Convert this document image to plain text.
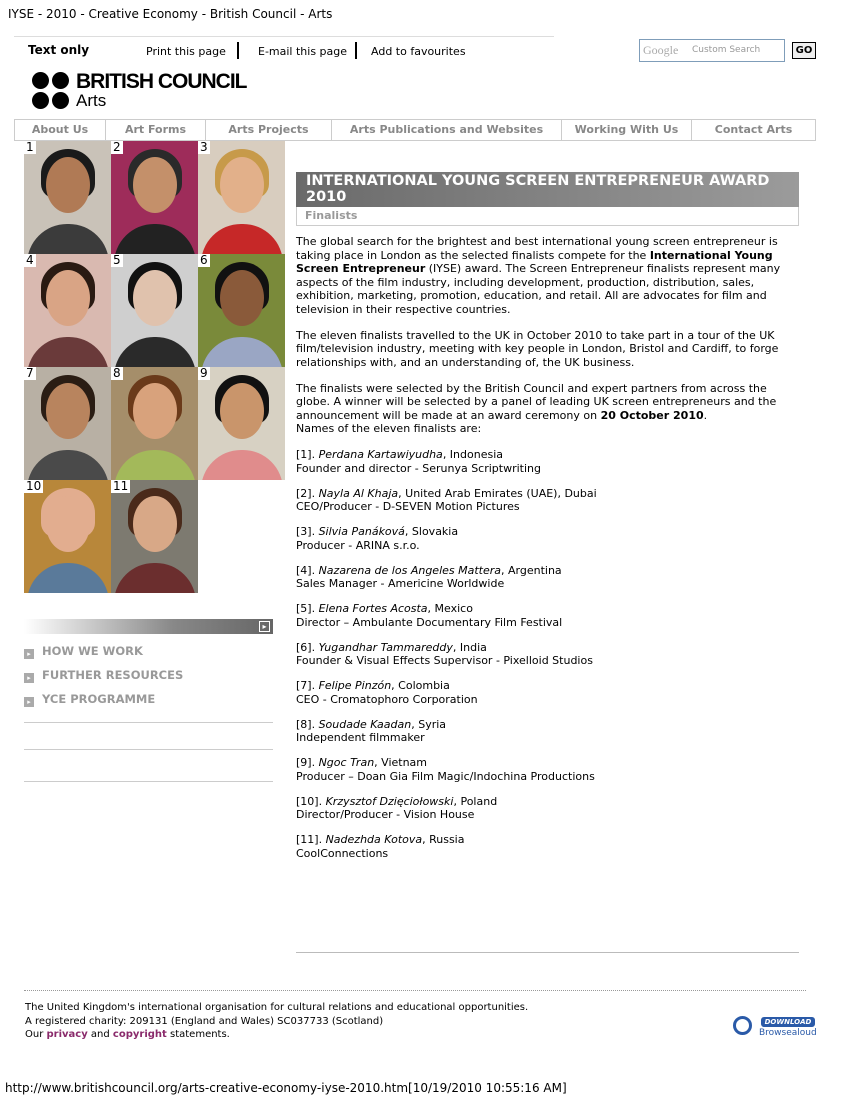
IYSE - 2010 - Creative Economy - British Council - Arts
Text only	Print this page	E-mail this page Add to favourites	Google Custom Search	GO
BRITISH COUNCIL
Arts
About Us	Art Forms	Arts Projects	Arts Publications and Websites	Working With Us	Contact Arts
1	2	3
4	5	6
7	8	9
10	11
▸
▸ HOW WE WORK
▸ FURTHER RESOURCES
▸ YCE PROGRAMME
INTERNATIONAL YOUNG SCREEN ENTREPRENEUR AWARD 2010
Finalists

The global search for the brightest and best international young screen entrepreneur is taking place in London as the selected finalists compete for the International Young Screen Entrepreneur (IYSE) award. The Screen Entrepreneur finalists represent many aspects of the film industry, including development, production, distribution, sales, exhibition, marketing, promotion, education, and retail. All are advocates for film and television in their respective countries.

The eleven finalists travelled to the UK in October 2010 to take part in a tour of the UK film/television industry, meeting with key people in London, Bristol and Cardiff, to forge relationships with, and an understanding of, the UK business.

The finalists were selected by the British Council and expert partners from across the globe. A winner will be selected by a panel of leading UK screen entrepreneurs and the announcement will be made at an award ceremony on 20 October 2010.
Names of the eleven finalists are:

[1]. Perdana Kartawiyudha, Indonesia
Founder and director - Serunya Scriptwriting
[2]. Nayla Al Khaja, United Arab Emirates (UAE), Dubai
CEO/Producer - D-SEVEN Motion Pictures
[3]. Silvia Panáková, Slovakia
Producer - ARINA s.r.o.
[4]. Nazarena de los Angeles Mattera, Argentina
Sales Manager - Americine Worldwide
[5]. Elena Fortes Acosta, Mexico
Director – Ambulante Documentary Film Festival
[6]. Yugandhar Tammareddy, India
Founder & Visual Effects Supervisor - Pixelloid Studios
[7]. Felipe Pinzón, Colombia
CEO - Cromatophoro Corporation
[8]. Soudade Kaadan, Syria
Independent filmmaker
[9]. Ngoc Tran, Vietnam
Producer – Doan Gia Film Magic/Indochina Productions
[10]. Krzysztof Dzięciołowski, Poland
Director/Producer - Vision House
[11]. Nadezhda Kotova, Russia
CoolConnections
The United Kingdom's international organisation for cultural relations and educational opportunities.
A registered charity: 209131 (England and Wales) SC037733 (Scotland)
Our privacy and copyright statements.
DOWNLOAD
Browsealoud
http://www.britishcouncil.org/arts-creative-economy-iyse-2010.htm[10/19/2010 10:55:16 AM]
